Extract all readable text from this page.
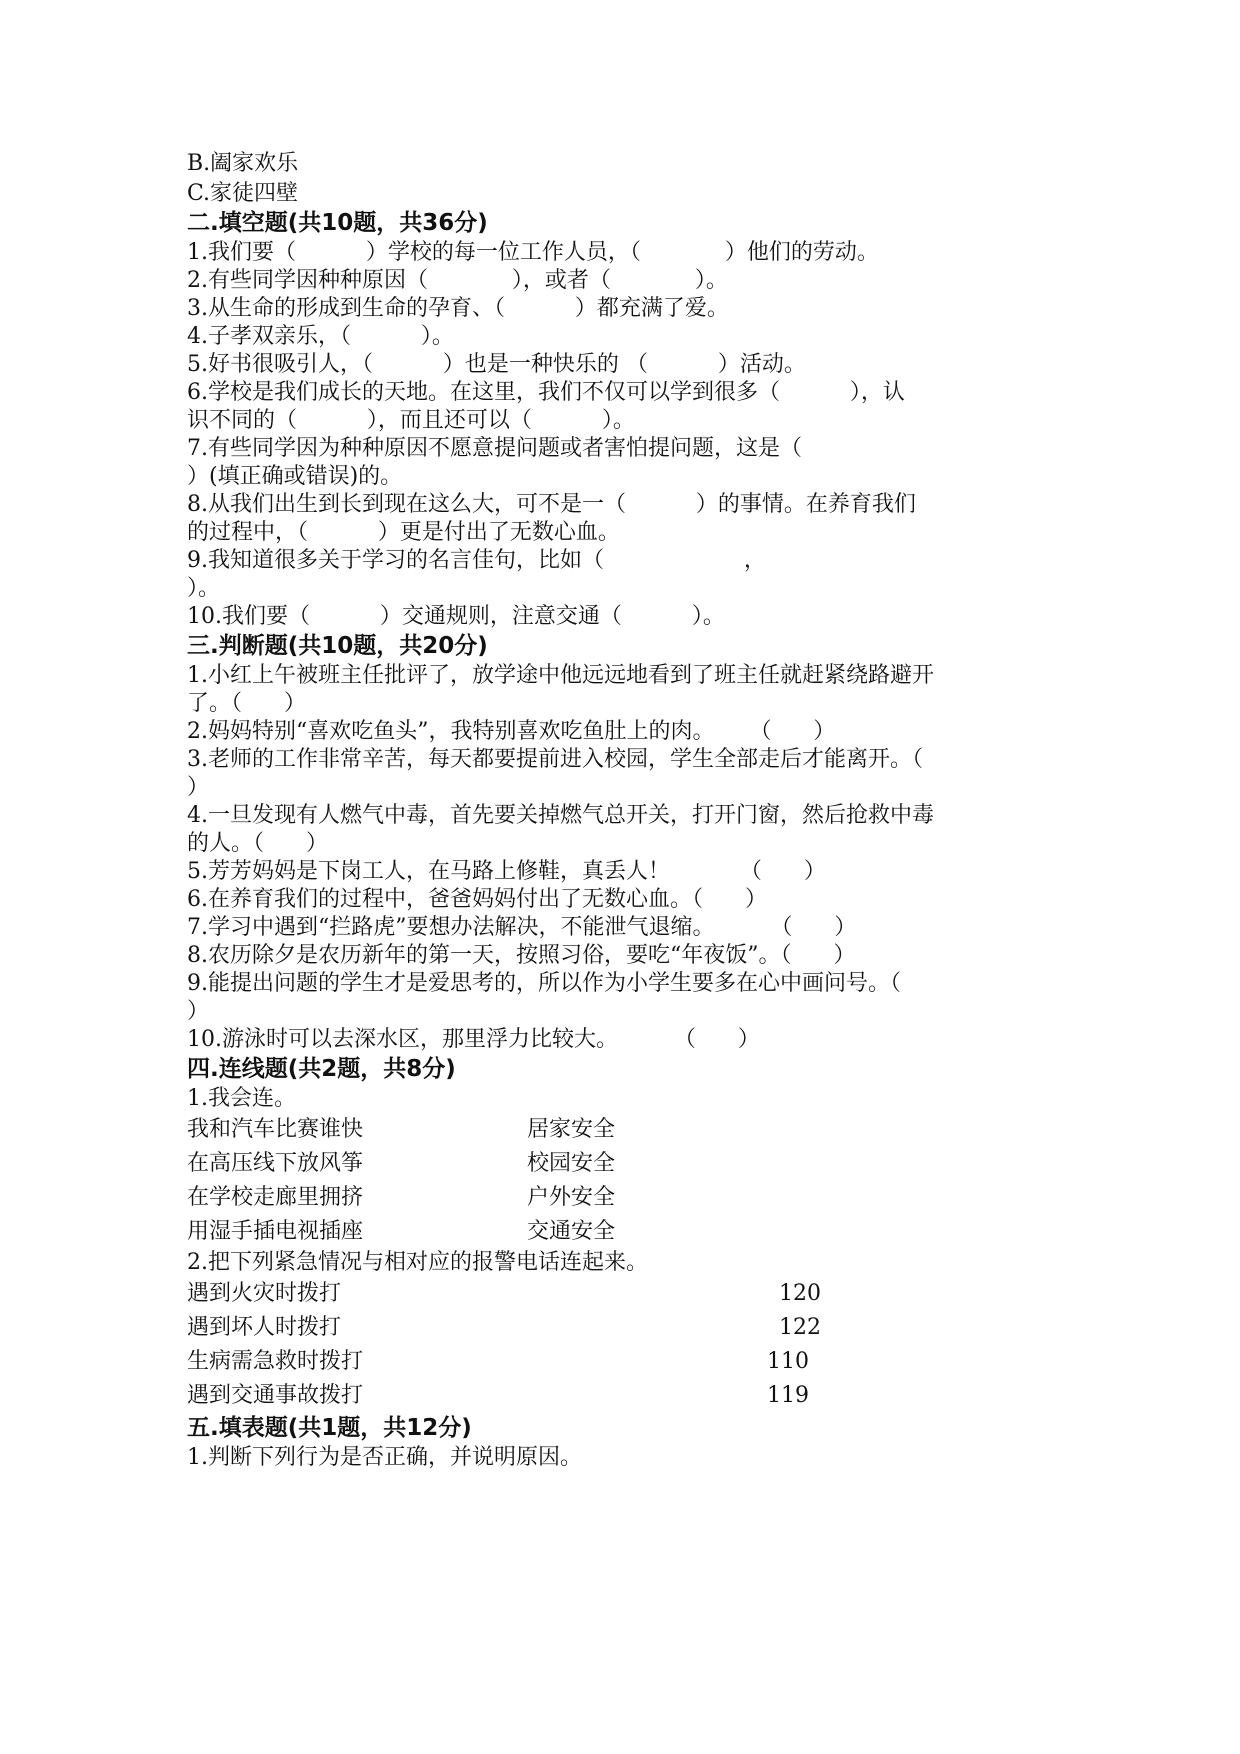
B.阖家欢乐
C.家徒四壁
二.填空题(共10题，共36分)
1.我们要（          ）学校的每一位工作人员，（            ）他们的劳动。
2.有些同学因种种原因（            ），或者（            ）。
3.从生命的形成到生命的孕育、（          ）都充满了爱。
4.子孝双亲乐，（          ）。
5.好书很吸引人，（          ）也是一种快乐的 （          ）活动。
6.学校是我们成长的天地。在这里，我们不仅可以学到很多（          ），认
识不同的（          ），而且还可以（          ）。
7.有些同学因为种种原因不愿意提问题或者害怕提问题，这是（
）(填正确或错误)的。
8.从我们出生到长到现在这么大，可不是一（          ）的事情。在养育我们
的过程中，（          ）更是付出了无数心血。
9.我知道很多关于学习的名言佳句，比如（                    ，
）。
10.我们要（          ）交通规则，注意交通（          ）。
三.判断题(共10题，共20分)
1.小红上午被班主任批评了，放学途中他远远地看到了班主任就赶紧绕路避开
了。（      ）
2.妈妈特别“喜欢吃鱼头”，我特别喜欢吃鱼肚上的肉。     （      ）
3.老师的工作非常辛苦，每天都要提前进入校园，学生全部走后才能离开。（
）
4.一旦发现有人燃气中毒，首先要关掉燃气总开关，打开门窗，然后抢救中毒
的人。（      ）
5.芳芳妈妈是下岗工人，在马路上修鞋，真丢人！          （      ）
6.在养育我们的过程中，爸爸妈妈付出了无数心血。（      ）
7.学习中遇到“拦路虎”要想办法解决，不能泄气退缩。        （      ）
8.农历除夕是农历新年的第一天，按照习俗，要吃“年夜饭”。（      ）
9.能提出问题的学生才是爱思考的，所以作为小学生要多在心中画问号。（
）
10.游泳时可以去深水区，那里浮力比较大。        （      ）
四.连线题(共2题，共8分)
1.我会连。
我和汽车比赛谁快	居家安全
在高压线下放风筝	校园安全
在学校走廊里拥挤	户外安全
用湿手插电视插座	交通安全
2.把下列紧急情况与相对应的报警电话连起来。
遇到火灾时拨打	120
遇到坏人时拨打	122
生病需急救时拨打	110
遇到交通事故拨打	119
五.填表题(共1题，共12分)
1.判断下列行为是否正确，并说明原因。
